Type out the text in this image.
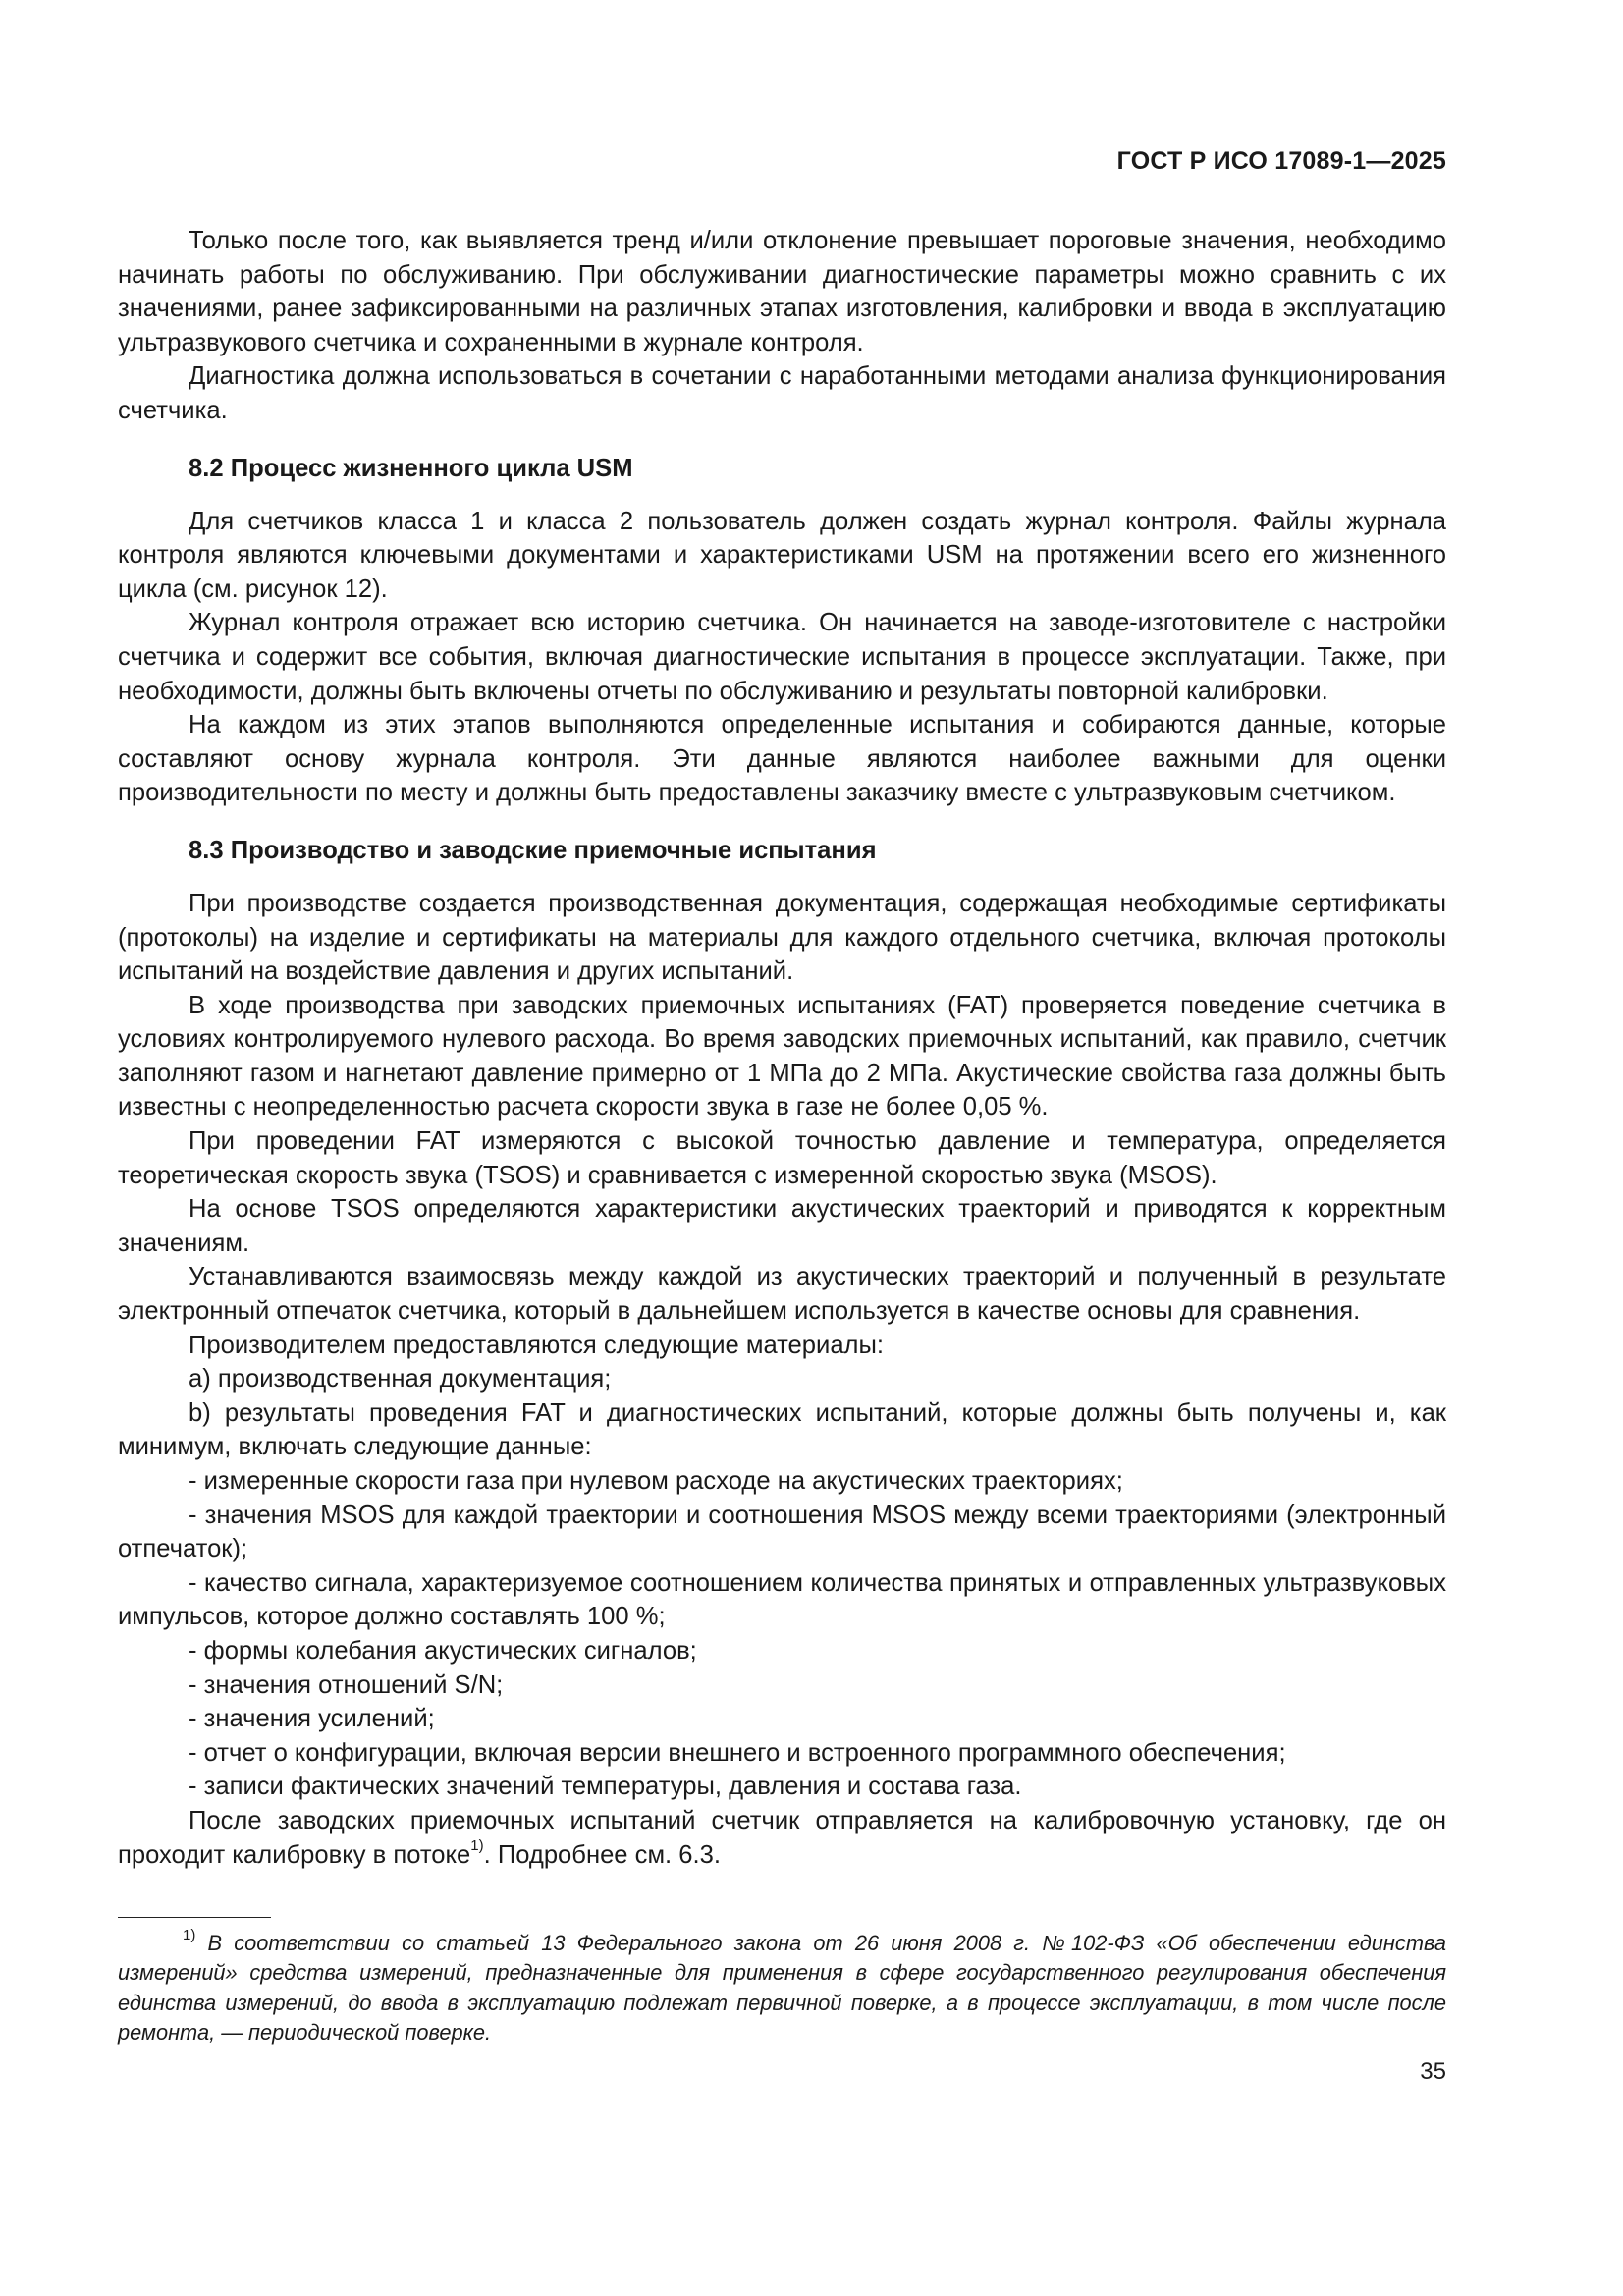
ГОСТ Р ИСО 17089-1—2025

Только после того, как выявляется тренд и/или отклонение превышает пороговые значения, необходимо начинать работы по обслуживанию. При обслуживании диагностические параметры можно сравнить с их значениями, ранее зафиксированными на различных этапах изготовления, калибровки и ввода в эксплуатацию ультразвукового счетчика и сохраненными в журнале контроля.

Диагностика должна использоваться в сочетании с наработанными методами анализа функционирования счетчика.

8.2 Процесс жизненного цикла USM

Для счетчиков класса 1 и класса 2 пользователь должен создать журнал контроля. Файлы журнала контроля являются ключевыми документами и характеристиками USM на протяжении всего его жизненного цикла (см. рисунок 12).

Журнал контроля отражает всю историю счетчика. Он начинается на заводе-изготовителе с настройки счетчика и содержит все события, включая диагностические испытания в процессе эксплуатации. Также, при необходимости, должны быть включены отчеты по обслуживанию и результаты повторной калибровки.

На каждом из этих этапов выполняются определенные испытания и собираются данные, которые составляют основу журнала контроля. Эти данные являются наиболее важными для оценки производительности по месту и должны быть предоставлены заказчику вместе с ультразвуковым счетчиком.

8.3 Производство и заводские приемочные испытания

При производстве создается производственная документация, содержащая необходимые сертификаты (протоколы) на изделие и сертификаты на материалы для каждого отдельного счетчика, включая протоколы испытаний на воздействие давления и других испытаний.

В ходе производства при заводских приемочных испытаниях (FAT) проверяется поведение счетчика в условиях контролируемого нулевого расхода. Во время заводских приемочных испытаний, как правило, счетчик заполняют газом и нагнетают давление примерно от 1 МПа до 2 МПа. Акустические свойства газа должны быть известны с неопределенностью расчета скорости звука в газе не более 0,05 %.

При проведении FAT измеряются с высокой точностью давление и температура, определяется теоретическая скорость звука (TSOS) и сравнивается с измеренной скоростью звука (MSOS).

На основе TSOS определяются характеристики акустических траекторий и приводятся к корректным значениям.

Устанавливаются взаимосвязь между каждой из акустических траекторий и полученный в результате электронный отпечаток счетчика, который в дальнейшем используется в качестве основы для сравнения.

Производителем предоставляются следующие материалы:

a) производственная документация;

b) результаты проведения FAT и диагностических испытаний, которые должны быть получены и, как минимум, включать следующие данные:

- измеренные скорости газа при нулевом расходе на акустических траекториях;

- значения MSOS для каждой траектории и соотношения MSOS между всеми траекториями (электронный отпечаток);

- качество сигнала, характеризуемое соотношением количества принятых и отправленных ультразвуковых импульсов, которое должно составлять 100 %;

- формы колебания акустических сигналов;

- значения отношений S/N;

- значения усилений;

- отчет о конфигурации, включая версии внешнего и встроенного программного обеспечения;

- записи фактических значений температуры, давления и состава газа.

После заводских приемочных испытаний счетчик отправляется на калибровочную установку, где он проходит калибровку в потоке$^{1)}$. Подробнее см. 6.3.

$^{1)}$ В соответствии со статьей 13 Федерального закона от 26 июня 2008 г. №102-ФЗ «Об обеспечении единства измерений» средства измерений, предназначенные для применения в сфере государственного регулирования обеспечения единства измерений, до ввода в эксплуатацию подлежат первичной поверке, а в процессе эксплуатации, в том числе после ремонта, — периодической поверке.
35
